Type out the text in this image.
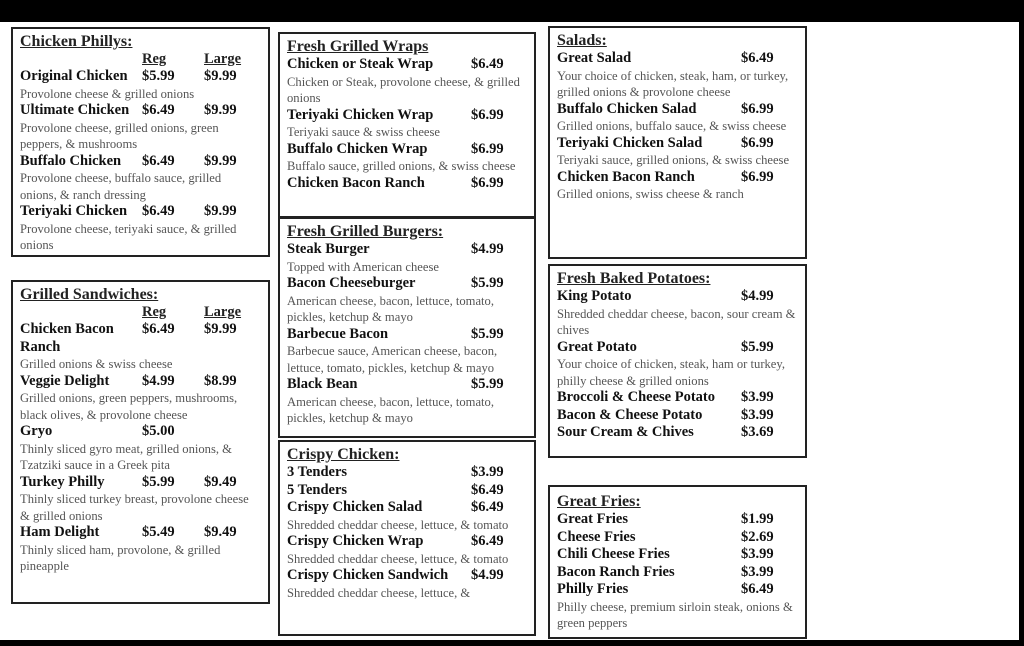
Chicken Phillys:
Reg	Large
Original Chicken $5.99	$9.99
Provolone cheese & grilled onions
Ultimate Chicken $6.49	$9.99
Provolone cheese, grilled onions, green peppers, & mushrooms
Buffalo Chicken	$6.49	$9.99
Provolone cheese, buffalo sauce, grilled onions, & ranch dressing
Teriyaki Chicken	$6.49	$9.99
Provolone cheese, teriyaki sauce, & grilled onions
Grilled Sandwiches:
Reg	Large
Chicken Bacon Ranch
$6.49	$9.99
Grilled onions & swiss cheese
Veggie Delight	$4.99	$8.99
Grilled onions, green peppers, mushrooms, black olives, & provolone cheese
Gryo	$5.00
Thinly sliced gyro meat, grilled onions, & Tzatziki sauce in a Greek pita
Turkey Philly	$5.99	$9.49
Thinly sliced turkey breast, provolone cheese & grilled onions
Ham Delight	$5.49	$9.49
Thinly sliced ham, provolone, & grilled pineapple
Fresh Grilled Wraps
Chicken or Steak Wrap	$6.49
Chicken or Steak, provolone cheese, & grilled onions
Teriyaki Chicken Wrap	$6.99
Teriyaki sauce & swiss cheese
Buffalo Chicken Wrap	$6.99
Buffalo sauce, grilled onions, & swiss cheese
Chicken Bacon Ranch	$6.99
Fresh Grilled Burgers:
Steak Burger	$4.99
Topped with American cheese
Bacon Cheeseburger	$5.99
American cheese, bacon, lettuce, tomato, pickles, ketchup & mayo
Barbecue Bacon	$5.99
Barbecue sauce, American cheese, bacon, lettuce, tomato, pickles, ketchup & mayo
Black Bean	$5.99
American cheese, bacon, lettuce, tomato, pickles, ketchup & mayo
Crispy Chicken:
3 Tenders	$3.99
5 Tenders	$6.49
Crispy Chicken Salad	$6.49
Shredded cheddar cheese, lettuce, & tomato
Crispy Chicken Wrap	$6.49
Shredded cheddar cheese, lettuce, & tomato
Crispy Chicken Sandwich	$4.99
Shredded cheddar cheese, lettuce, &
Salads:
Great Salad	$6.49
Your choice of chicken, steak, ham, or turkey, grilled onions & provolone cheese
Buffalo Chicken Salad	$6.99
Grilled onions, buffalo sauce, & swiss cheese
Teriyaki Chicken Salad	$6.99
Teriyaki sauce, grilled onions, & swiss cheese
Chicken Bacon Ranch	$6.99
Grilled onions, swiss cheese & ranch
Fresh Baked Potatoes:
King Potato	$4.99
Shredded cheddar cheese, bacon, sour cream & chives
Great Potato	$5.99
Your choice of chicken, steak, ham or turkey, philly cheese & grilled onions
Broccoli & Cheese Potato	$3.99
Bacon & Cheese Potato	$3.99
Sour Cream & Chives	$3.69
Great Fries:
Great Fries	$1.99
Cheese Fries	$2.69
Chili Cheese Fries	$3.99
Bacon Ranch Fries	$3.99
Philly Fries	$6.49
Philly cheese, premium sirloin steak, onions & green peppers
